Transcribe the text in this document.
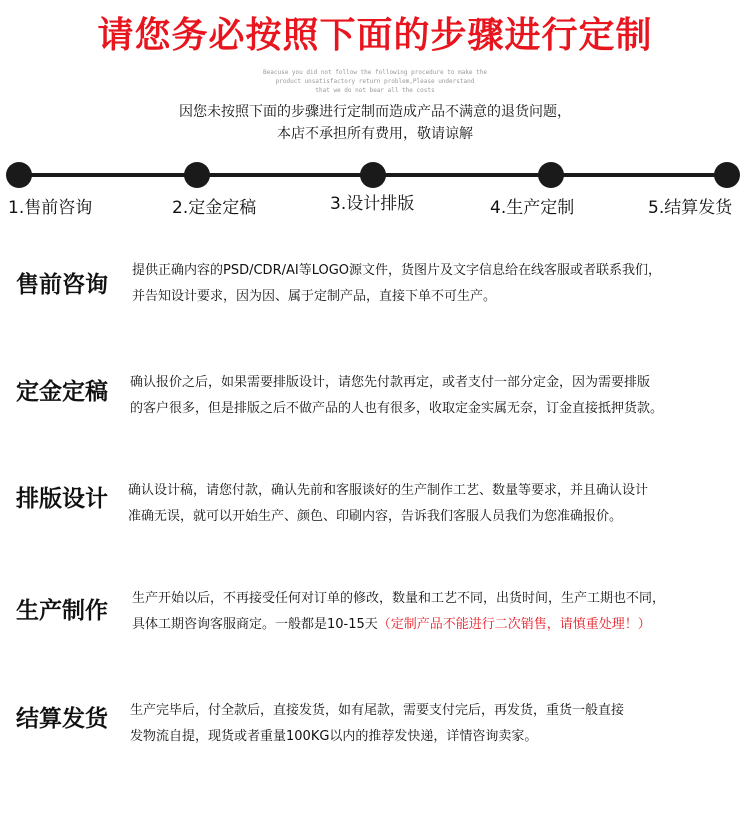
请您务必按照下面的步骤进行定制
Beacuse you did not follow the following procedure to make the
product unsatisfactory return problem,Please understand
that we do not bear all the costs
因您未按照下面的步骤进行定制而造成产品不满意的退货问题，
本店不承担所有费用，敬请谅解
1.售前咨询	2.定金定稿	3.设计排版	4.生产定制	5.结算发货
售前咨询
提供正确内容的PSD/CDR/AI等LOGO源文件，货图片及文字信息给在线客服或者联系我们，
并告知设计要求，因为因、属于定制产品，直接下单不可生产。
定金定稿 确认报价之后，如果需要排版设计，请您先付款再定，或者支付一部分定金，因为需要排版
的客户很多，但是排版之后不做产品的人也有很多，收取定金实属无奈，订金直接抵押货款。
排版设计 确认设计稿，请您付款，确认先前和客服谈好的生产制作工艺、数量等要求，并且确认设计
准确无误，就可以开始生产、颜色、印刷内容，告诉我们客服人员我们为您准确报价。
生产制作 生产开始以后，不再接受任何对订单的修改，数量和工艺不同，出货时间，生产工期也不同，
具体工期咨询客服商定。一般都是10-15天（定制产品不能进行二次销售，请慎重处理！）
结算发货 生产完毕后，付全款后，直接发货，如有尾款，需要支付完后，再发货，重货一般直接
发物流自提，现货或者重量100KG以内的推荐发快递，详情咨询卖家。
